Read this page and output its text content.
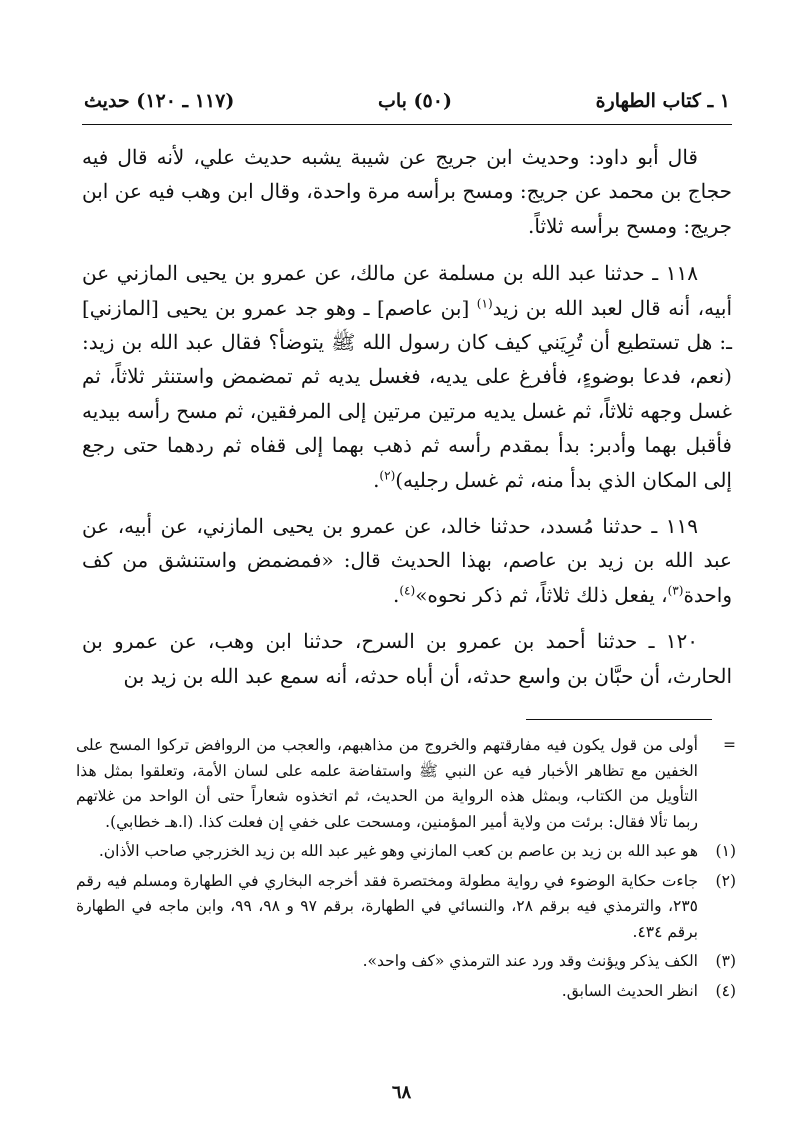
١ ـ كتاب الطهارة
(٥٠) باب
(١١٧ ـ ١٢٠) حديث

قال أبو داود: وحديث ابن جريج عن شيبة يشبه حديث علي، لأنه قال فيه حجاج بن محمد عن جريج: ومسح برأسه مرة واحدة، وقال ابن وهب فيه عن ابن جريج: ومسح برأسه ثلاثاً.

١١٨ ـ حدثنا عبد الله بن مسلمة عن مالك، عن عمرو بن يحيى المازني عن أبيه، أنه قال لعبد الله بن زيد$^{(١)}$ [بن عاصم] ـ وهو جد عمرو بن يحيى [المازني] ـ: هل تستطيع أن تُرِيَني كيف كان رسول الله ﷺ يتوضأ؟ فقال عبد الله بن زيد: (نعم، فدعا بوضوءٍ، فأفرغ على يديه، فغسل يديه ثم تمضمض واستنثر ثلاثاً، ثم غسل وجهه ثلاثاً، ثم غسل يديه مرتين مرتين إلى المرفقين، ثم مسح رأسه بيديه فأقبل بهما وأدبر: بدأ بمقدم رأسه ثم ذهب بهما إلى قفاه ثم ردهما حتى رجع إلى المكان الذي بدأ منه، ثم غسل رجليه)$^{(٢)}$.

١١٩ ـ حدثنا مُسدد، حدثنا خالد، عن عمرو بن يحيى المازني، عن أبيه، عن عبد الله بن زيد بن عاصم، بهذا الحديث قال: «فمضمض واستنشق من كف واحدة$^{(٣)}$، يفعل ذلك ثلاثاً، ثم ذكر نحوه»$^{(٤)}$.

١٢٠ ـ حدثنا أحمد بن عمرو بن السرح، حدثنا ابن وهب، عن عمرو بن الحارث، أن حبَّان بن واسع حدثه، أن أباه حدثه، أنه سمع عبد الله بن زيد بن

=
أولى من قول يكون فيه مفارقتهم والخروج من مذاهبهم، والعجب من الروافض تركوا المسح على الخفين مع تظاهر الأخبار فيه عن النبي ﷺ واستفاضة علمه على لسان الأمة، وتعلقوا بمثل هذا التأويل من الكتاب، وبمثل هذه الرواية من الحديث، ثم اتخذوه شعاراً حتى أن الواحد من غلاتهم ربما تألا فقال: برئت من ولاية أمير المؤمنين، ومسحت على خفي إن فعلت كذا. (ا.هـ خطابي).
(١)
هو عبد الله بن زيد بن عاصم بن كعب المازني وهو غير عبد الله بن زيد الخزرجي صاحب الأذان.
(٢)
جاءت حكاية الوضوء في رواية مطولة ومختصرة فقد أخرجه البخاري في الطهارة ومسلم فيه رقم ٢٣٥، والترمذي فيه برقم ٢٨، والنسائي في الطهارة، برقم ٩٧ و ٩٨، ٩٩، وابن ماجه في الطهارة برقم ٤٣٤.
(٣)
الكف يذكر ويؤنث وقد ورد عند الترمذي «كف واحد».
(٤)
انظر الحديث السابق.
٦٨
